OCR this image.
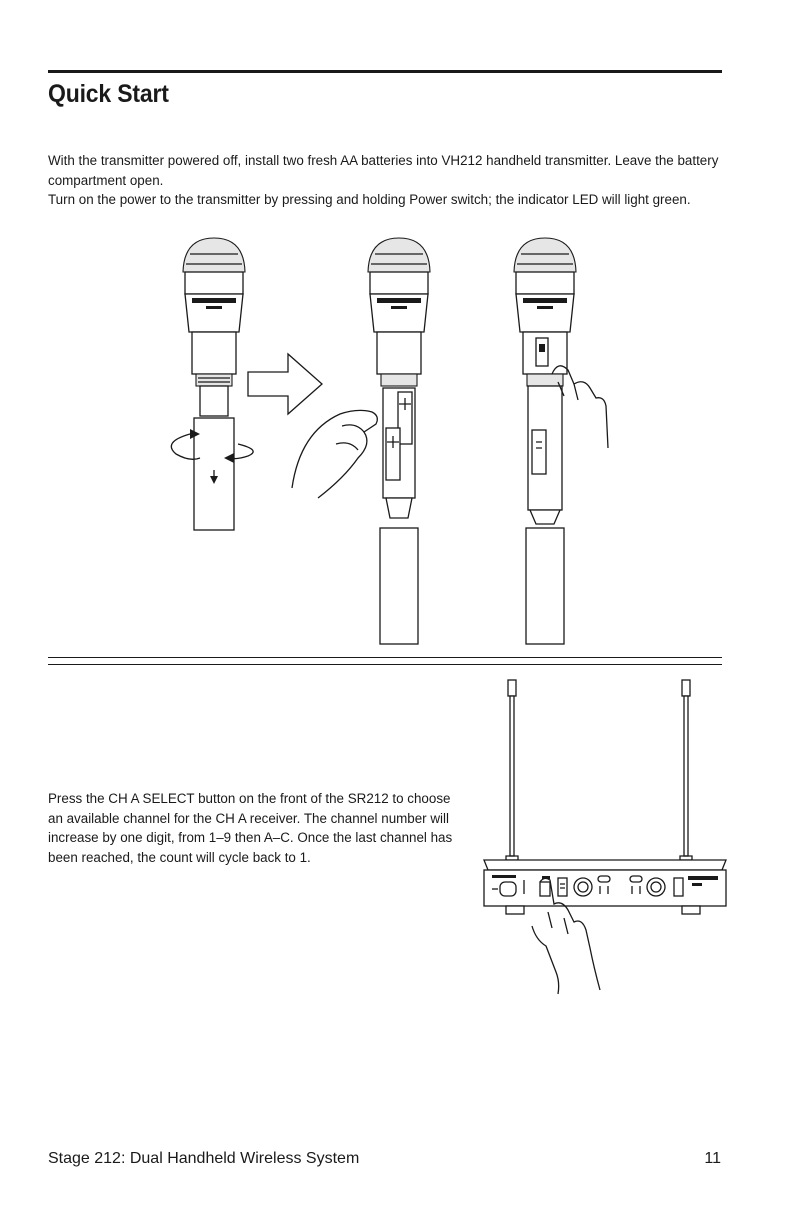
Quick Start

With the transmitter powered off, install two fresh AA batteries into VH212 handheld transmitter. Leave the battery compartment open.

Turn on the power to the transmitter by pressing and holding Power switch; the indicator LED will light green.

Press the CH A SELECT button on the front of the SR212 to choose an available channel for the CH A receiver. The channel number will increase by one digit, from 1–9 then A–C. Once the last channel has been reached, the count will cycle back to 1.

Stage 212: Dual Handheld Wireless System	11
